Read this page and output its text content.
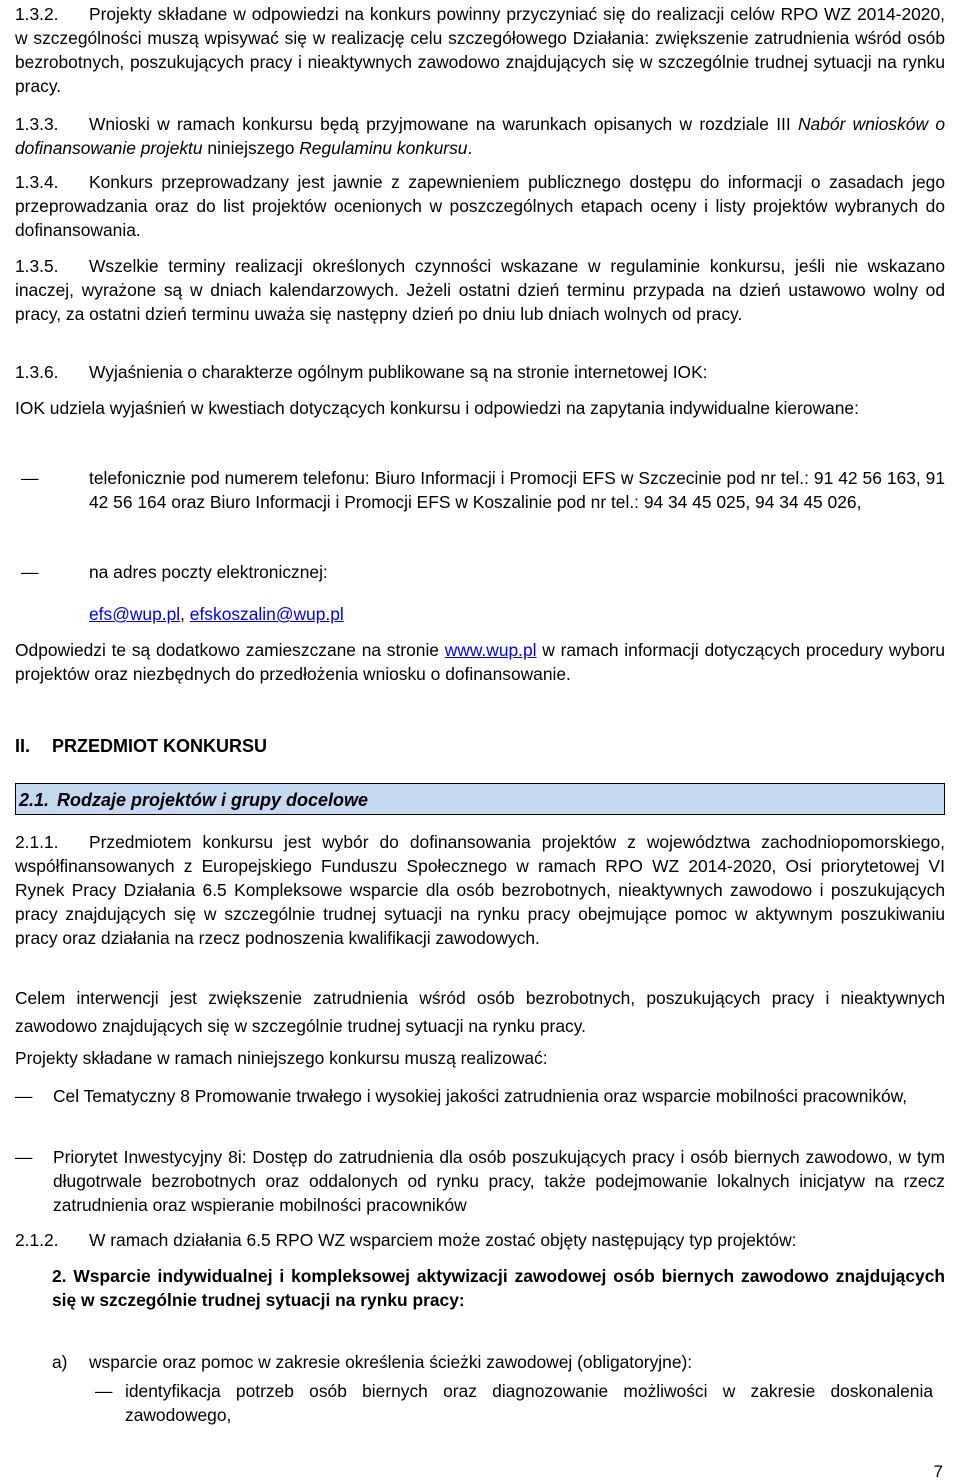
1.3.2. Projekty składane w odpowiedzi na konkurs powinny przyczyniać się do realizacji celów RPO WZ 2014-2020, w szczególności muszą wpisywać się w realizację celu szczegółowego Działania: zwiększenie zatrudnienia wśród osób bezrobotnych, poszukujących pracy i nieaktywnych zawodowo znajdujących się w szczególnie trudnej sytuacji na rynku pracy.

1.3.3. Wnioski w ramach konkursu będą przyjmowane na warunkach opisanych w rozdziale III Nabór wniosków o dofinansowanie projektu niniejszego Regulaminu konkursu.

1.3.4. Konkurs przeprowadzany jest jawnie z zapewnieniem publicznego dostępu do informacji o zasadach jego przeprowadzania oraz do list projektów ocenionych w poszczególnych etapach oceny i listy projektów wybranych do dofinansowania.

1.3.5. Wszelkie terminy realizacji określonych czynności wskazane w regulaminie konkursu, jeśli nie wskazano inaczej, wyrażone są w dniach kalendarzowych. Jeżeli ostatni dzień terminu przypada na dzień ustawowo wolny od pracy, za ostatni dzień terminu uważa się następny dzień po dniu lub dniach wolnych od pracy.

1.3.6. Wyjaśnienia o charakterze ogólnym publikowane są na stronie internetowej IOK:

IOK udziela wyjaśnień w kwestiach dotyczących konkursu i odpowiedzi na zapytania indywidualne kierowane:

—	telefonicznie pod numerem telefonu: Biuro Informacji i Promocji EFS w Szczecinie pod nr tel.: 91 42 56 163, 91 42 56 164 oraz Biuro Informacji i Promocji EFS w Koszalinie pod nr tel.: 94 34 45 025, 94 34 45 026,
—	na adres poczty elektronicznej:
efs@wup.pl, efskoszalin@wup.pl

Odpowiedzi te są dodatkowo zamieszczane na stronie www.wup.pl w ramach informacji dotyczących procedury wyboru projektów oraz niezbędnych do przedłożenia wniosku o dofinansowanie.

II. PRZEDMIOT KONKURSU
2.1. Rodzaje projektów i grupy docelowe

2.1.1. Przedmiotem konkursu jest wybór do dofinansowania projektów z województwa zachodniopomorskiego, współfinansowanych z Europejskiego Funduszu Społecznego w ramach RPO WZ 2014-2020, Osi priorytetowej VI Rynek Pracy Działania 6.5 Kompleksowe wsparcie dla osób bezrobotnych, nieaktywnych zawodowo i poszukujących pracy znajdujących się w szczególnie trudnej sytuacji na rynku pracy obejmujące pomoc w aktywnym poszukiwaniu pracy oraz działania na rzecz podnoszenia kwalifikacji zawodowych.

Celem interwencji jest zwiększenie zatrudnienia wśród osób bezrobotnych, poszukujących pracy i nieaktywnych zawodowo znajdujących się w szczególnie trudnej sytuacji na rynku pracy.

Projekty składane w ramach niniejszego konkursu muszą realizować:

— Cel Tematyczny 8 Promowanie trwałego i wysokiej jakości zatrudnienia oraz wsparcie mobilności pracowników,
— Priorytet Inwestycyjny 8i: Dostęp do zatrudnienia dla osób poszukujących pracy i osób biernych zawodowo, w tym długotrwale bezrobotnych oraz oddalonych od rynku pracy, także podejmowanie lokalnych inicjatyw na rzecz zatrudnienia oraz wspieranie mobilności pracowników

2.1.2. W ramach działania 6.5 RPO WZ wsparciem może zostać objęty następujący typ projektów:

2. Wsparcie indywidualnej i kompleksowej aktywizacji zawodowej osób biernych zawodowo znajdujących się w szczególnie trudnej sytuacji na rynku pracy:

a) wsparcie oraz pomoc w zakresie określenia ścieżki zawodowej (obligatoryjne):
— identyfikacja potrzeb osób biernych oraz diagnozowanie możliwości w zakresie doskonalenia zawodowego,
7
